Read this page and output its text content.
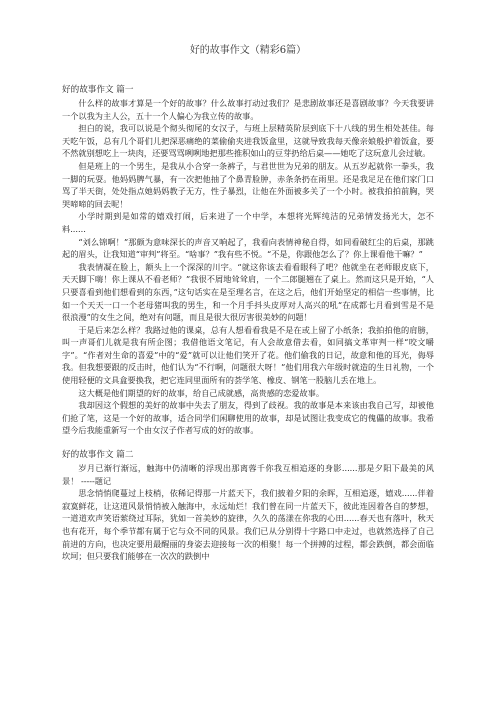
好的故事作文（精彩6篇）
好的故事作文 篇一

什么样的故事才算是一个好的故事？什么故事打动过我们？是悲剧故事还是喜剧故事？今天我要讲一个以我为主人公，五十一个人偏心为我立传的故事。

担白的说，我可以说是个彻头彻尾的女汉子，与班上层精英阶层到底下十八线的男生相处甚佳。每天吃午饭，总有几个哥们儿把深恶痛绝的菜偷偷夹进我饭盒里，这就导致我每天像亲娘般护着饭盒，要不然就别想吃上一块肉，还要骂骂咧咧地把那些推积如山的豆芽扔给后桌——她吃了这玩意儿会过敏。

但是班上的一个男生，是我从小合穿一条裤子，与君世世为兄弟的朋友。从五岁起就你一拳头，我一脚的玩耍。他妈妈脾气暴，有一次把他抽了个鼻青脸肿，赤条条扔在雨里。还是我足足在他们家门口骂了半天街，处处指点她妈妈教子无方，性子暴烈，让他在外面被多关了一个小时。被我拍拍前胸，哭哭啼啼的回去呢！

小学时期到是如常的嬉戏打闹，后来进了一个中学，本想将光辉纯洁的兄弟情发扬光大，怎不料......

“刘么锦啊！”那颇为意味深长的声音又响起了，我看向表情神秘自得，如同看破红尘的后桌，那跳起的眉头，让我知道“审判”将至。“啥事？”我有些不悦。“不是，你跟他怎么了？你上课看他干嘛？”

我表情凝在脸上，额头上一个深深的川字。“就这你该去看看眼科了吧？他就坐在老师眼皮底下，天天脚下嗨！你上课从不看老师？”我很不屑地耸耸肩，一个二郎腿翘在了桌上。然而这只是开始，“人只要喜看到他们想看到的东西，”这句话实在是至理名言，在这之后，他们开始坚定的相信一些事情，比如一个天天一口一个老母猪叫我的男生，和一个月手抖头皮厚对人高兴的吼“在成都七月看到雪是不是很浪漫”的女生之间，绝对有问题，而且是很大很厉害很美妙的问题！

于是后来怎么样？我路过他的课桌，总有人想看看我是不是在或上留了小纸条；我拍拍他的肩膀，叫一声哥们儿就是我有所企图；我借他语文笔记，有人会故意借去看，如同搞文革审判一样“咬文嚼字”。“作者对生命的喜爱”中的“爱”就可以让他们笑开了花。他们偷我的日记，故意和他的耳光，侮辱我。但我想要跟的反击时，他们认为“不行啊，问题很大呀！”他们用我六年级时就造的生日礼物，一个使用轻便的文具盒要换我，把它连同里面所有的荟学笔、橡皮、钢笔一股脑儿丢在地上。

这大概是他们期望的好的故事，给自己成就感，高贵感的恋爱故事。

我却因这个假想的美好的故事中失去了朋友，得到了歧视。我的故事是本来该由我自己写，却被他们抢了笔，这是一个好的故事，适合同学们闲聊使用的故事，却是试图让我变成它的傀儡的故事。我希望今后我能重新写一个由女汉子作者写成的好的故事。

好的故事作文 篇二

岁月已渐行渐远，触海中仍清晰的浮现出那离蓉千你我互相追逐的身影......那是夕阳下最美的风景！ -----题记

思念悄悄爬蔓过上枝梢，依稀记得那一片蓝天下，我们披着夕阳的余晖，互相追逐，嬉戏......伴着寂寞鲜花，让这道风景悄悄被入触海中，永远灿烂！我们曾在同一片蓝天下，彼此连因着各自的梦想，一道道欢声笑语萦绕过耳际，犹如一首美妙的旋律，久久的荡漾在你我的心田......春天也有落叶，秋天也有花开，每个季节都有属于它与众不同的风景。我们已从分别得十字路口中走过，也就然选择了自己前进的方向，也决定要用最醒丽的身姿去迎接每一次的相聚！每一个拼搏的过程，都会跌倒，都会面临坎坷；但只要我们能够在一次次的跌倒中
